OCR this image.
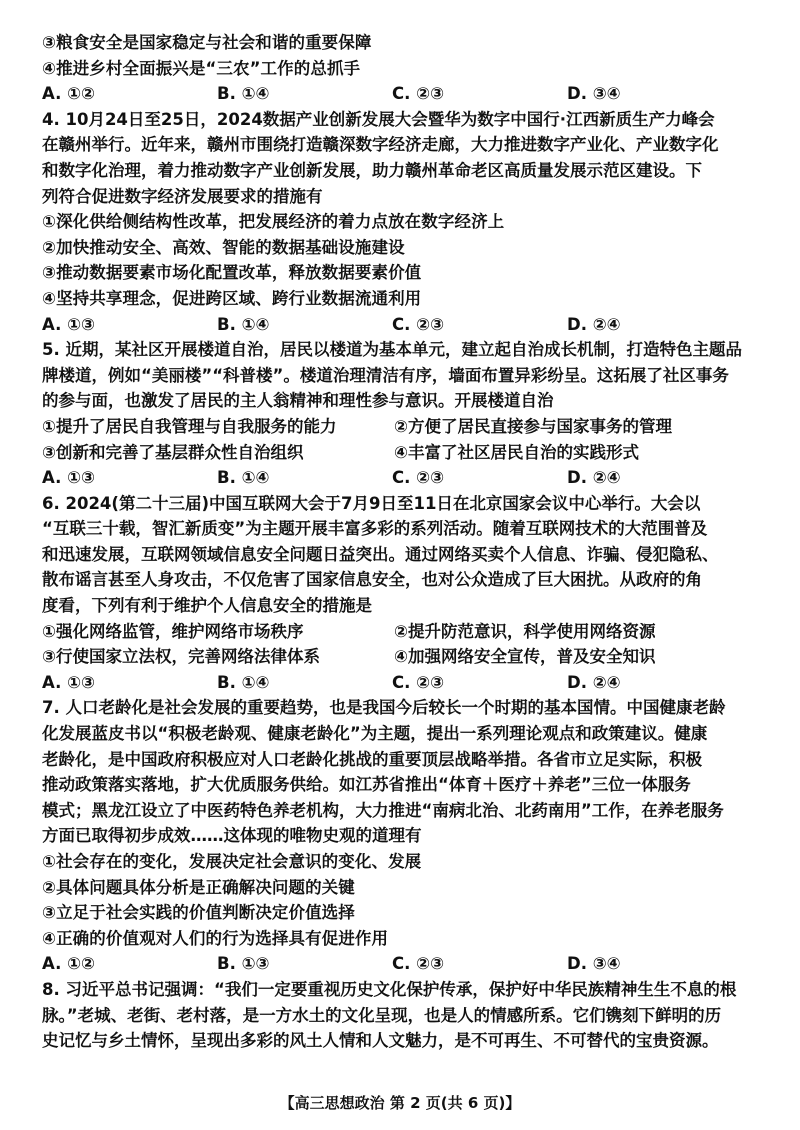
③粮食安全是国家稳定与社会和谐的重要保障
④推进乡村全面振兴是“三农”工作的总抓手
A. ①②	B. ①④	C. ②③	D. ③④
4. 10月24日至25日，2024数据产业创新发展大会暨华为数字中国行·江西新质生产力峰会
在赣州举行。近年来，赣州市围绕打造赣深数字经济走廊，大力推进数字产业化、产业数字化
和数字化治理，着力推动数字产业创新发展，助力赣州革命老区高质量发展示范区建设。下
列符合促进数字经济发展要求的措施有
①深化供给侧结构性改革，把发展经济的着力点放在数字经济上
②加快推动安全、高效、智能的数据基础设施建设
③推动数据要素市场化配置改革，释放数据要素价值
④坚持共享理念，促进跨区域、跨行业数据流通利用
A. ①③	B. ①④	C. ②③	D. ②④
5. 近期，某社区开展楼道自治，居民以楼道为基本单元，建立起自治成长机制，打造特色主题品
牌楼道，例如“美丽楼”“科普楼”。楼道治理清洁有序，墙面布置异彩纷呈。这拓展了社区事务
的参与面，也激发了居民的主人翁精神和理性参与意识。开展楼道自治
①提升了居民自我管理与自我服务的能力	②方便了居民直接参与国家事务的管理
③创新和完善了基层群众性自治组织	④丰富了社区居民自治的实践形式
A. ①③	B. ①④	C. ②③	D. ②④
6. 2024(第二十三届)中国互联网大会于7月9日至11日在北京国家会议中心举行。大会以
“互联三十载，智汇新质变”为主题开展丰富多彩的系列活动。随着互联网技术的大范围普及
和迅速发展，互联网领域信息安全问题日益突出。通过网络买卖个人信息、诈骗、侵犯隐私、
散布谣言甚至人身攻击，不仅危害了国家信息安全，也对公众造成了巨大困扰。从政府的角
度看，下列有利于维护个人信息安全的措施是
①强化网络监管，维护网络市场秩序	②提升防范意识，科学使用网络资源
③行使国家立法权，完善网络法律体系	④加强网络安全宣传，普及安全知识
A. ①③	B. ①④	C. ②③	D. ②④
7. 人口老龄化是社会发展的重要趋势，也是我国今后较长一个时期的基本国情。中国健康老龄
化发展蓝皮书以“积极老龄观、健康老龄化”为主题，提出一系列理论观点和政策建议。健康
老龄化，是中国政府积极应对人口老龄化挑战的重要顶层战略举措。各省市立足实际，积极
推动政策落实落地，扩大优质服务供给。如江苏省推出“体育＋医疗＋养老”三位一体服务
模式；黑龙江设立了中医药特色养老机构，大力推进“南病北治、北药南用”工作，在养老服务
方面已取得初步成效……这体现的唯物史观的道理有
①社会存在的变化，发展决定社会意识的变化、发展
②具体问题具体分析是正确解决问题的关键
③立足于社会实践的价值判断决定价值选择
④正确的价值观对人们的行为选择具有促进作用
A. ①②	B. ①③	C. ②③	D. ③④
8. 习近平总书记强调：“我们一定要重视历史文化保护传承，保护好中华民族精神生生不息的根
脉。”老城、老街、老村落，是一方水土的文化呈现，也是人的情感所系。它们镌刻下鲜明的历
史记忆与乡土情怀，呈现出多彩的风土人情和人文魅力，是不可再生、不可替代的宝贵资源。
【高三思想政治 第 2 页(共 6 页)】
